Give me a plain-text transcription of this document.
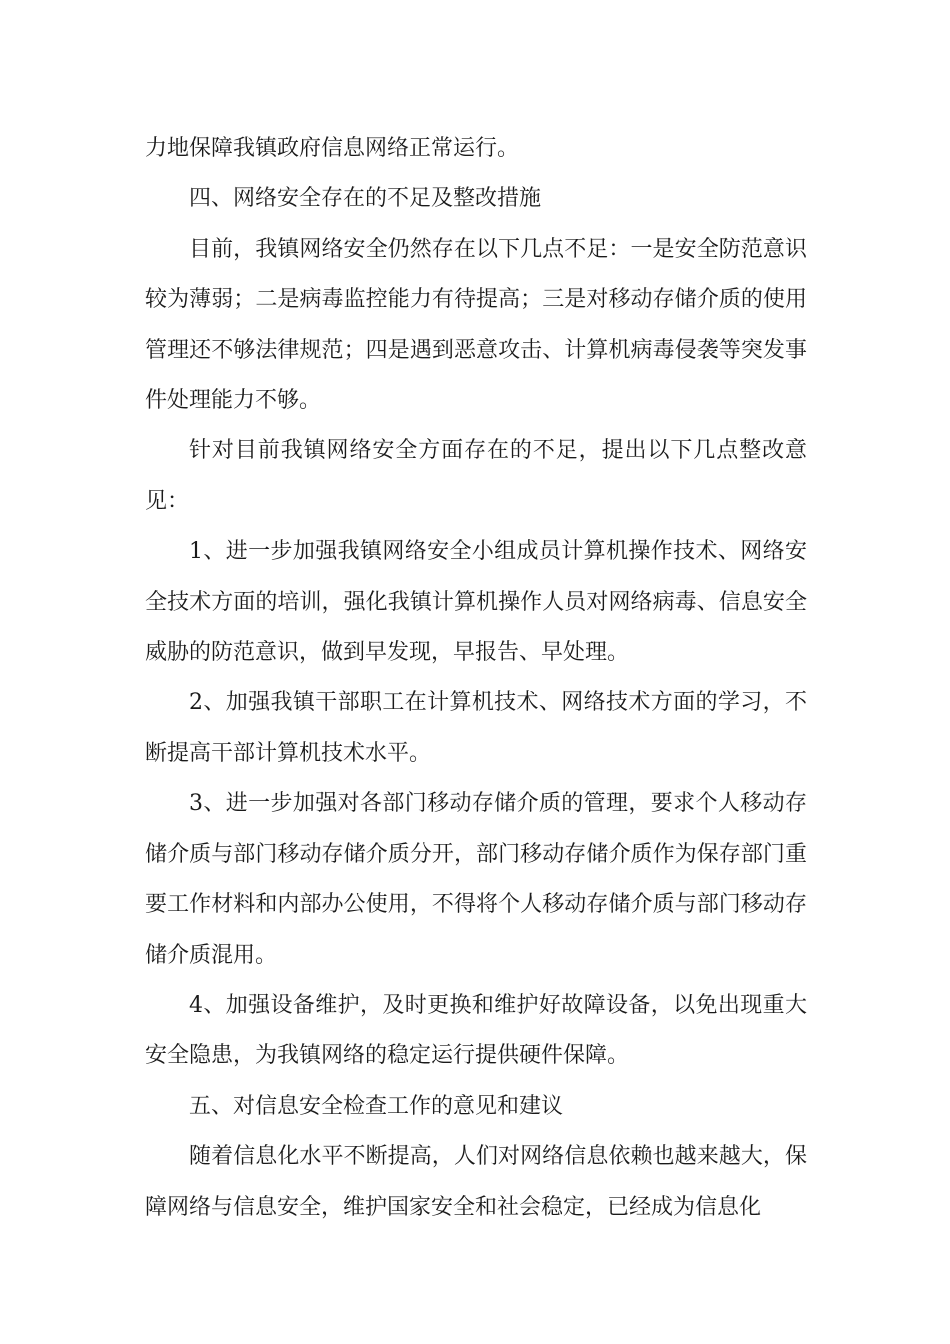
力地保障我镇政府信息网络正常运行。

四、网络安全存在的不足及整改措施

目前，我镇网络安全仍然存在以下几点不足：一是安全防范意识较为薄弱；二是病毒监控能力有待提高；三是对移动存储介质的使用管理还不够法律规范；四是遇到恶意攻击、计算机病毒侵袭等突发事件处理能力不够。

针对目前我镇网络安全方面存在的不足，提出以下几点整改意见：

1、进一步加强我镇网络安全小组成员计算机操作技术、网络安全技术方面的培训，强化我镇计算机操作人员对网络病毒、信息安全威胁的防范意识，做到早发现，早报告、早处理。

2、加强我镇干部职工在计算机技术、网络技术方面的学习，不断提高干部计算机技术水平。

3、进一步加强对各部门移动存储介质的管理，要求个人移动存储介质与部门移动存储介质分开，部门移动存储介质作为保存部门重要工作材料和内部办公使用，不得将个人移动存储介质与部门移动存储介质混用。

4、加强设备维护，及时更换和维护好故障设备，以免出现重大安全隐患，为我镇网络的稳定运行提供硬件保障。

五、对信息安全检查工作的意见和建议

随着信息化水平不断提高，人们对网络信息依赖也越来越大，保障网络与信息安全，维护国家安全和社会稳定，已经成为信息化
